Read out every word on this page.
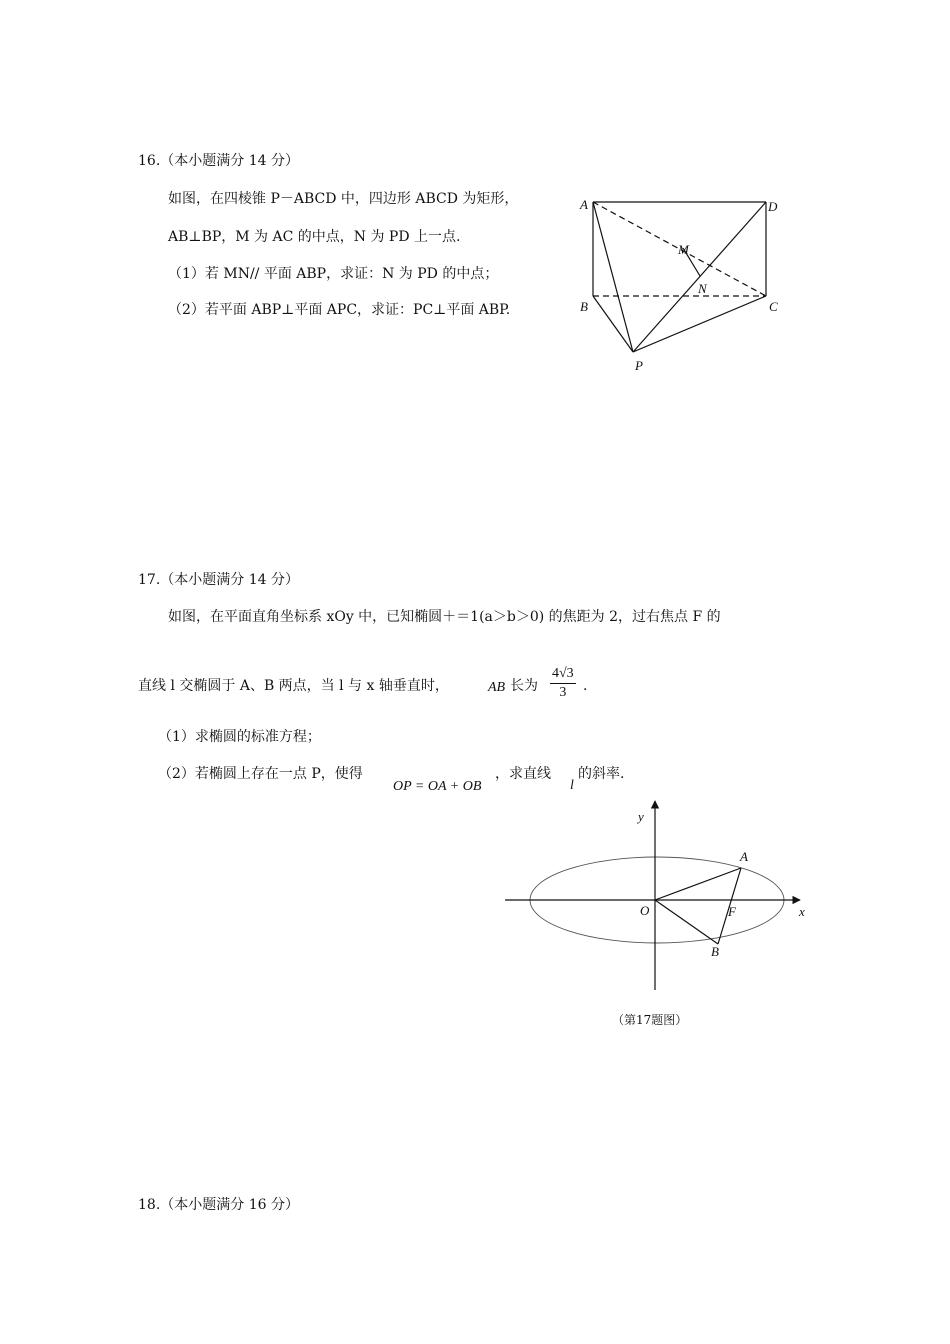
16.（本小题满分 14 分）
如图，在四棱锥 P－ABCD 中，四边形 ABCD 为矩形，
AB⊥BP，M 为 AC 的中点，N 为 PD 上一点.
（1）若 MN// 平面 ABP，求证：N 为 PD 的中点；
（2）若平面 ABP⊥平面 APC，求证：PC⊥平面 ABP.
A	D
M
N
B	C
P
17.（本小题满分 14 分）
如图，在平面直角坐标系 xOy 中，已知椭圆＋＝1(a＞b＞0) 的焦距为 2，过右焦点 F 的
直线 l 交椭圆于 A、B 两点，当 l 与 x 轴垂直时，	AB 长为 $\frac{4√3}{3}$ .
（1）求椭圆的标准方程；
（2）若椭圆上存在一点 P，使得
OP = OA + OB
，求直线
l
的斜率.
y
x
O
A
F
B
（第17题图）
18.（本小题满分 16 分）
